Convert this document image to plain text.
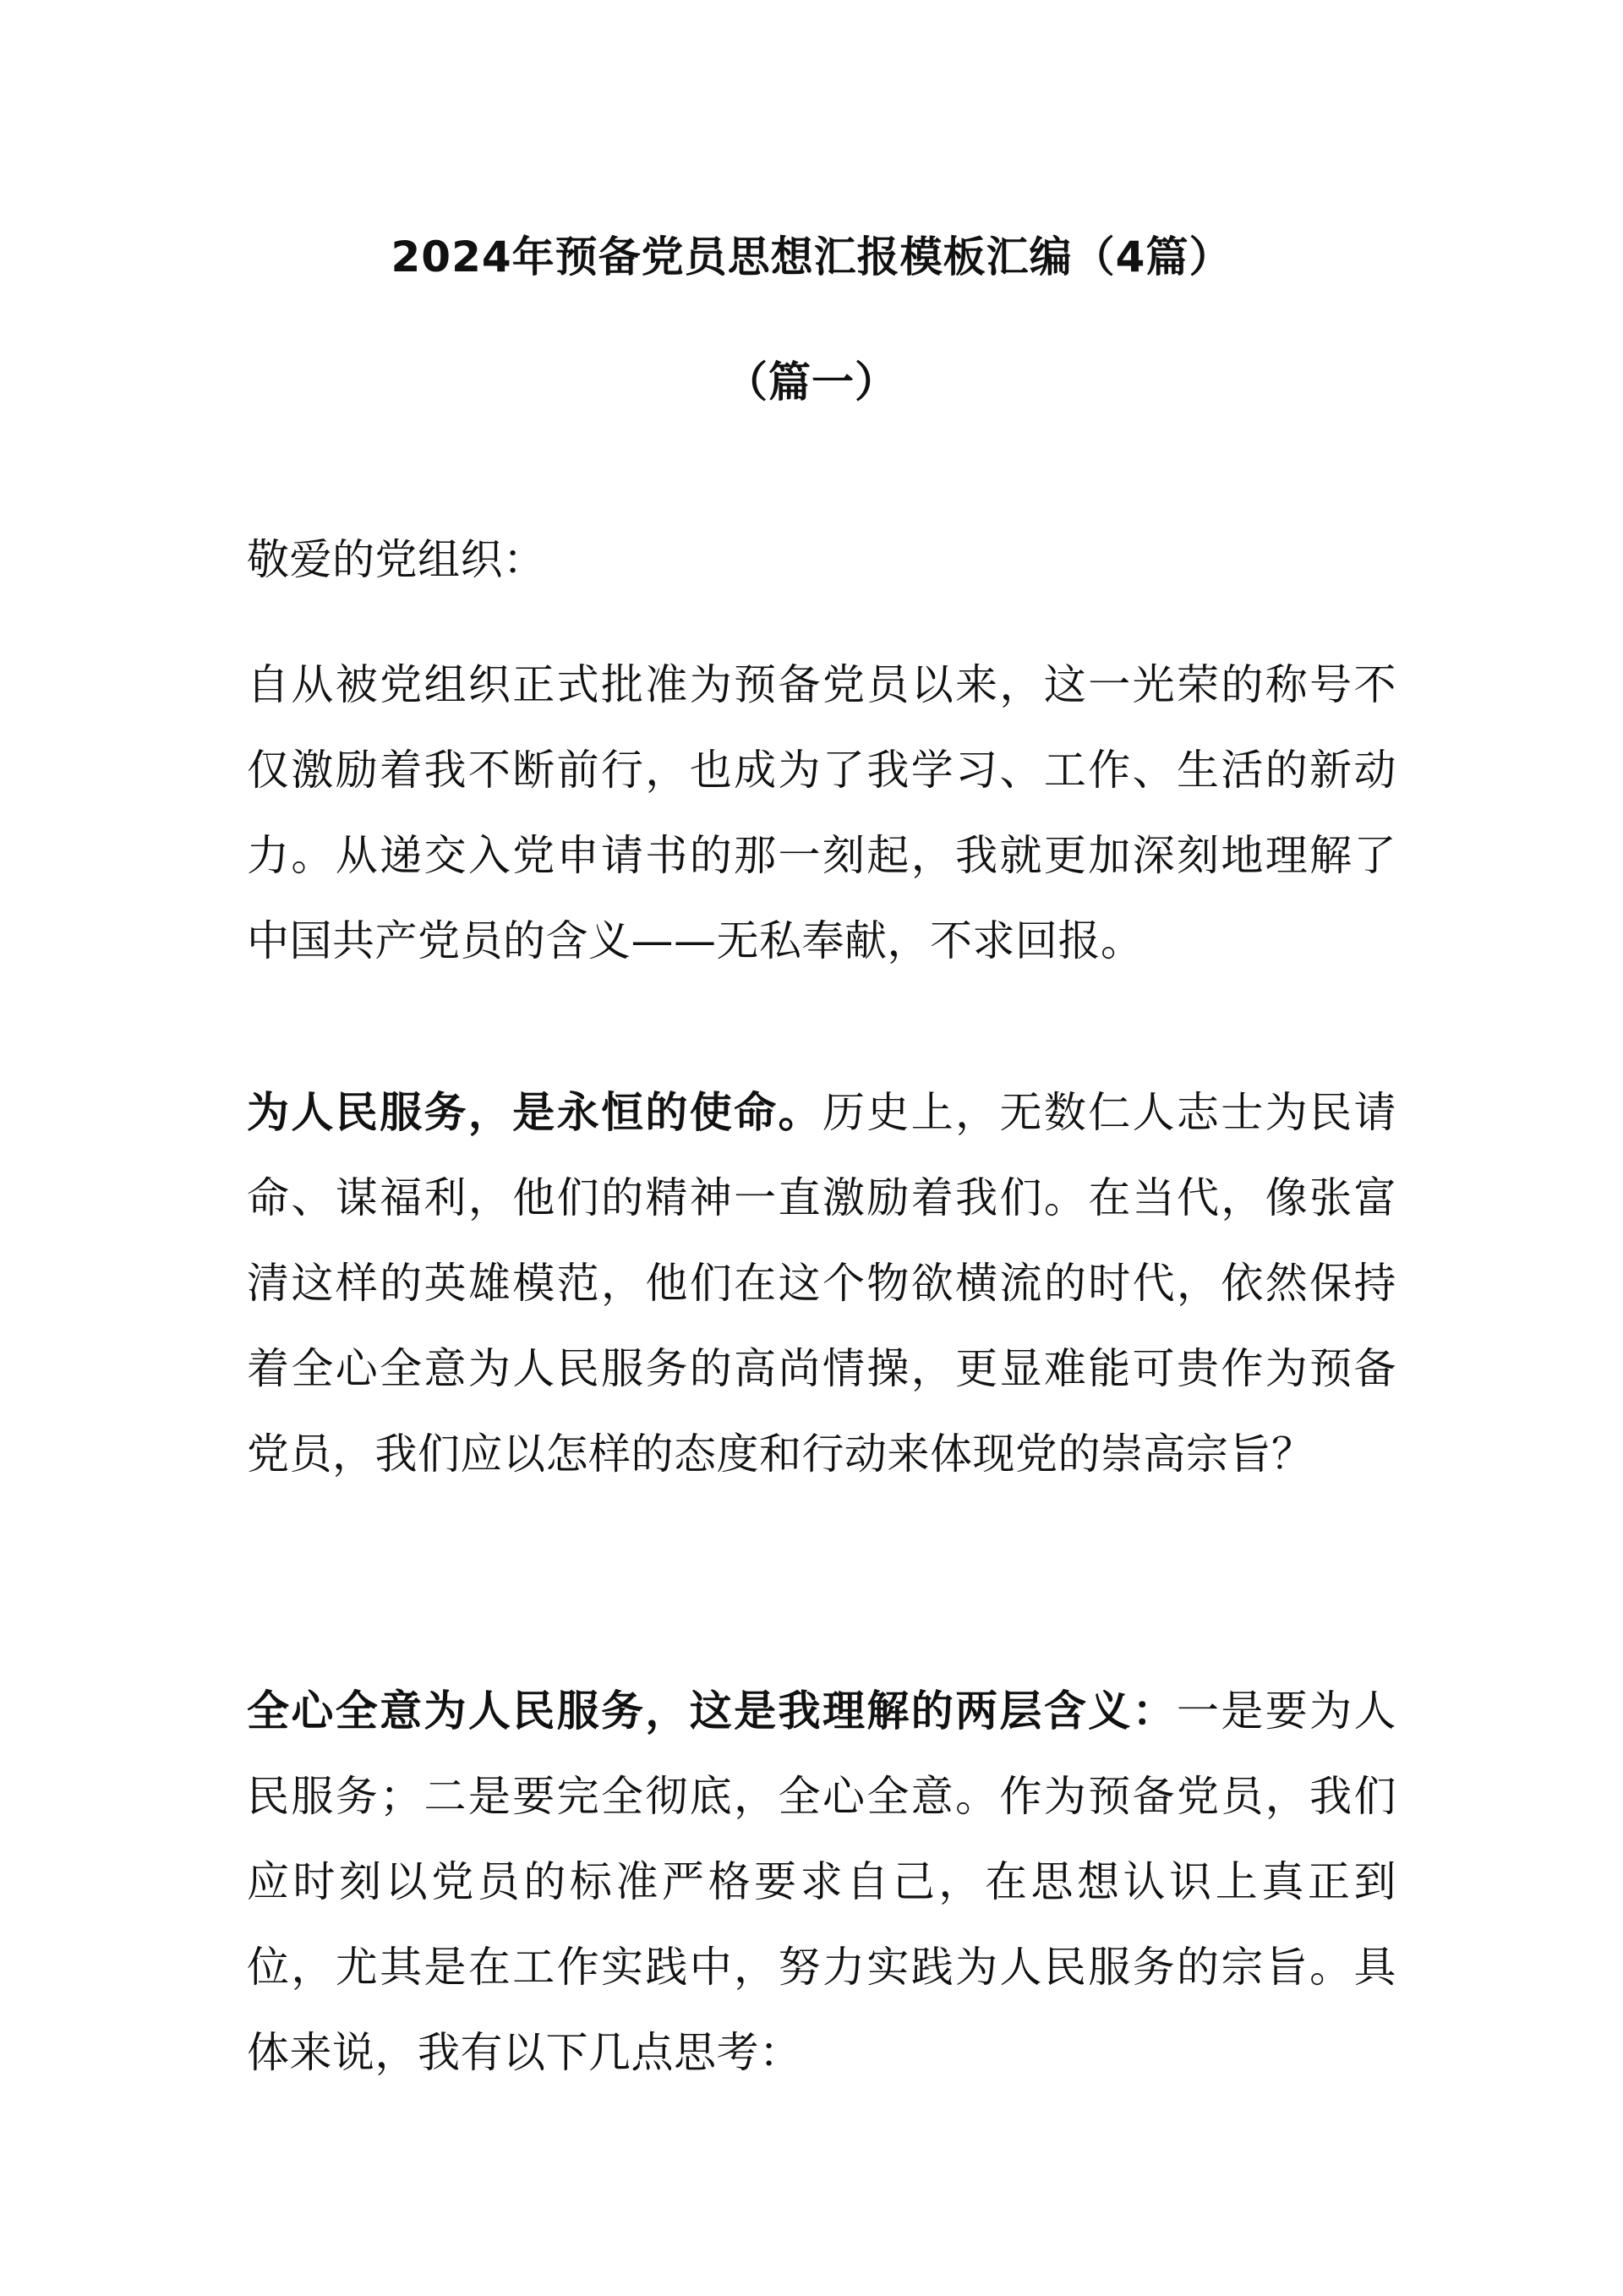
2024年预备党员思想汇报模板汇编（4篇）
（篇一）

敬爱的党组织：

自从被党组织正式批准为预备党员以来，这一光荣的称号不仅激励着我不断前行，也成为了我学习、工作、生活的新动力。从递交入党申请书的那一刻起，我就更加深刻地理解了中国共产党员的含义——无私奉献，不求回报。

为人民服务，是永恒的使命。历史上，无数仁人志士为民请命、谋福利，他们的精神一直激励着我们。在当代，像张富清这样的英雄模范，他们在这个物欲横流的时代，依然保持着全心全意为人民服务的高尚情操，更显难能可贵作为预备党员，我们应以怎样的态度和行动来体现党的崇高宗旨？

全心全意为人民服务，这是我理解的两层含义：一是要为人民服务；二是要完全彻底，全心全意。作为预备党员，我们应时刻以党员的标准严格要求自己，在思想认识上真正到位，尤其是在工作实践中，努力实践为人民服务的宗旨。具体来说，我有以下几点思考：
